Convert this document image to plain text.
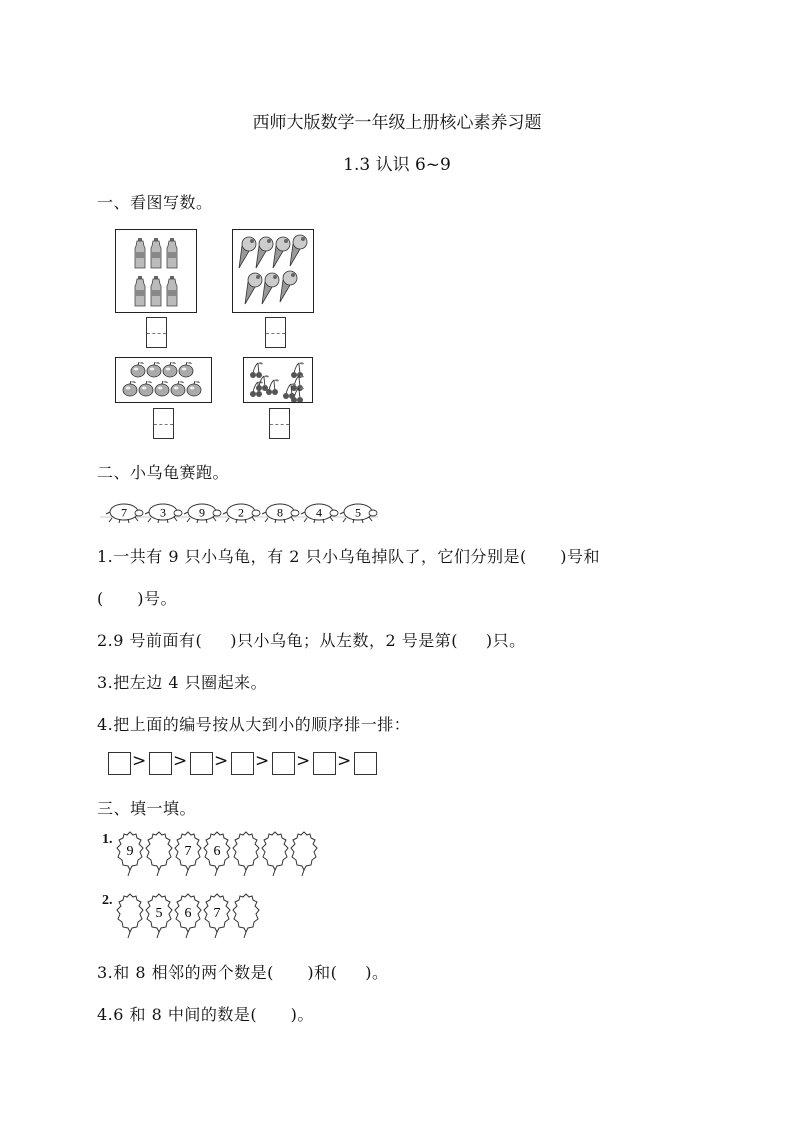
西师大版数学一年级上册核心素养习题
1.3 认识 6~9
一、看图写数。
二、小乌龟赛跑。
7	3	9	2	8	4	5
1.一共有 9 只小乌龟，有 2 只小乌龟掉队了，它们分别是(      )号和
(      )号。
2.9 号前面有(     )只小乌龟；从左数，2 号是第(     )只。
3.把左边 4 只圈起来。
4.把上面的编号按从大到小的顺序排一排：
> > > > > >
三、填一填。
1.
9	7 6
2.
5 6 7
3.和 8 相邻的两个数是(      )和(     )。
4.6 和 8 中间的数是(      )。
